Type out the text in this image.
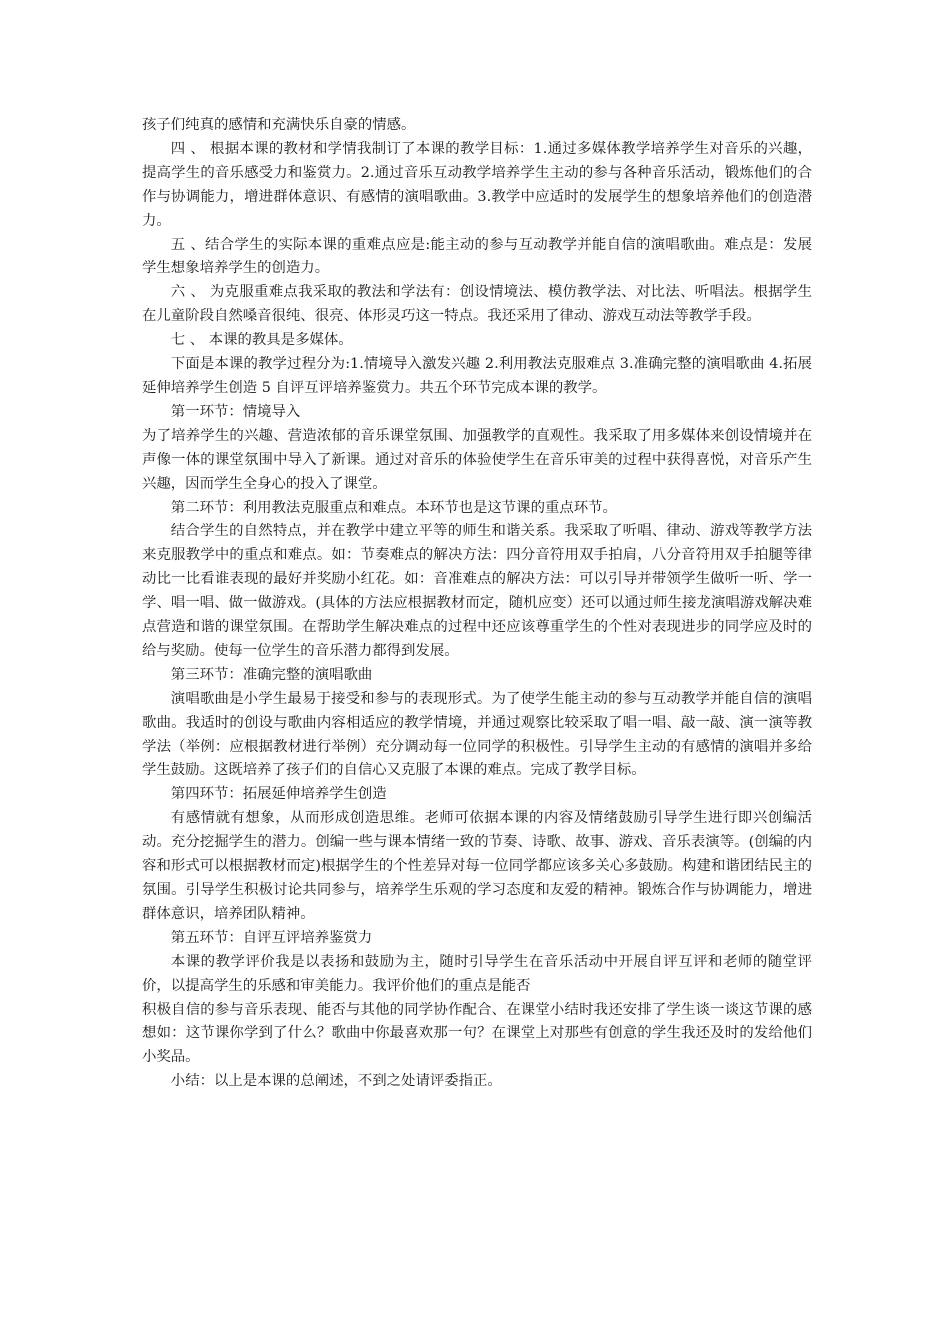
孩子们纯真的感情和充满快乐自豪的情感。

四 、 根据本课的教材和学情我制订了本课的教学目标：1.通过多媒体教学培养学生对音乐的兴趣，提高学生的音乐感受力和鉴赏力。2.通过音乐互动教学培养学生主动的参与各种音乐活动，锻炼他们的合作与协调能力，增进群体意识、有感情的演唱歌曲。3.教学中应适时的发展学生的想象培养他们的创造潜力。

五 、结合学生的实际本课的重难点应是:能主动的参与互动教学并能自信的演唱歌曲。难点是：发展学生想象培养学生的创造力。

六 、 为克服重难点我采取的教法和学法有：创设情境法、模仿教学法、对比法、听唱法。根据学生在儿童阶段自然嗓音很纯、很亮、体形灵巧这一特点。我还采用了律动、游戏互动法等教学手段。

七 、 本课的教具是多媒体。

下面是本课的教学过程分为:1.情境导入激发兴趣 2.利用教法克服难点 3.准确完整的演唱歌曲 4.拓展延伸培养学生创造 5 自评互评培养鉴赏力。共五个环节完成本课的教学。

第一环节：情境导入

为了培养学生的兴趣、营造浓郁的音乐课堂氛围、加强教学的直观性。我采取了用多媒体来创设情境并在声像一体的课堂氛围中导入了新课。通过对音乐的体验使学生在音乐审美的过程中获得喜悦，对音乐产生兴趣，因而学生全身心的投入了课堂。

第二环节：利用教法克服重点和难点。本环节也是这节课的重点环节。

结合学生的自然特点，并在教学中建立平等的师生和谐关系。我采取了听唱、律动、游戏等教学方法来克服教学中的重点和难点。如：节奏难点的解决方法：四分音符用双手拍肩，八分音符用双手拍腿等律动比一比看谁表现的最好并奖励小红花。如：音准难点的解决方法：可以引导并带领学生做听一听、学一学、唱一唱、做一做游戏。(具体的方法应根据教材而定，随机应变）还可以通过师生接龙演唱游戏解决难点营造和谐的课堂氛围。在帮助学生解决难点的过程中还应该尊重学生的个性对表现进步的同学应及时的给与奖励。使每一位学生的音乐潜力都得到发展。

第三环节：准确完整的演唱歌曲

演唱歌曲是小学生最易于接受和参与的表现形式。为了使学生能主动的参与互动教学并能自信的演唱歌曲。我适时的创设与歌曲内容相适应的教学情境，并通过观察比较采取了唱一唱、敲一敲、演一演等教学法（举例：应根据教材进行举例）充分调动每一位同学的积极性。引导学生主动的有感情的演唱并多给学生鼓励。这既培养了孩子们的自信心又克服了本课的难点。完成了教学目标。

第四环节：拓展延伸培养学生创造

有感情就有想象，从而形成创造思维。老师可依据本课的内容及情绪鼓励引导学生进行即兴创编活动。充分挖掘学生的潜力。创编一些与课本情绪一致的节奏、诗歌、故事、游戏、音乐表演等。(创编的内容和形式可以根据教材而定)根据学生的个性差异对每一位同学都应该多关心多鼓励。构建和谐团结民主的氛围。引导学生积极讨论共同参与，培养学生乐观的学习态度和友爱的精神。锻炼合作与协调能力，增进群体意识，培养团队精神。

第五环节：自评互评培养鉴赏力

本课的教学评价我是以表扬和鼓励为主，随时引导学生在音乐活动中开展自评互评和老师的随堂评价，以提高学生的乐感和审美能力。我评价他们的重点是能否

积极自信的参与音乐表现、能否与其他的同学协作配合、在课堂小结时我还安排了学生谈一谈这节课的感想如：这节课你学到了什么？歌曲中你最喜欢那一句？在课堂上对那些有创意的学生我还及时的发给他们小奖品。

小结：以上是本课的总阐述，不到之处请评委指正。
